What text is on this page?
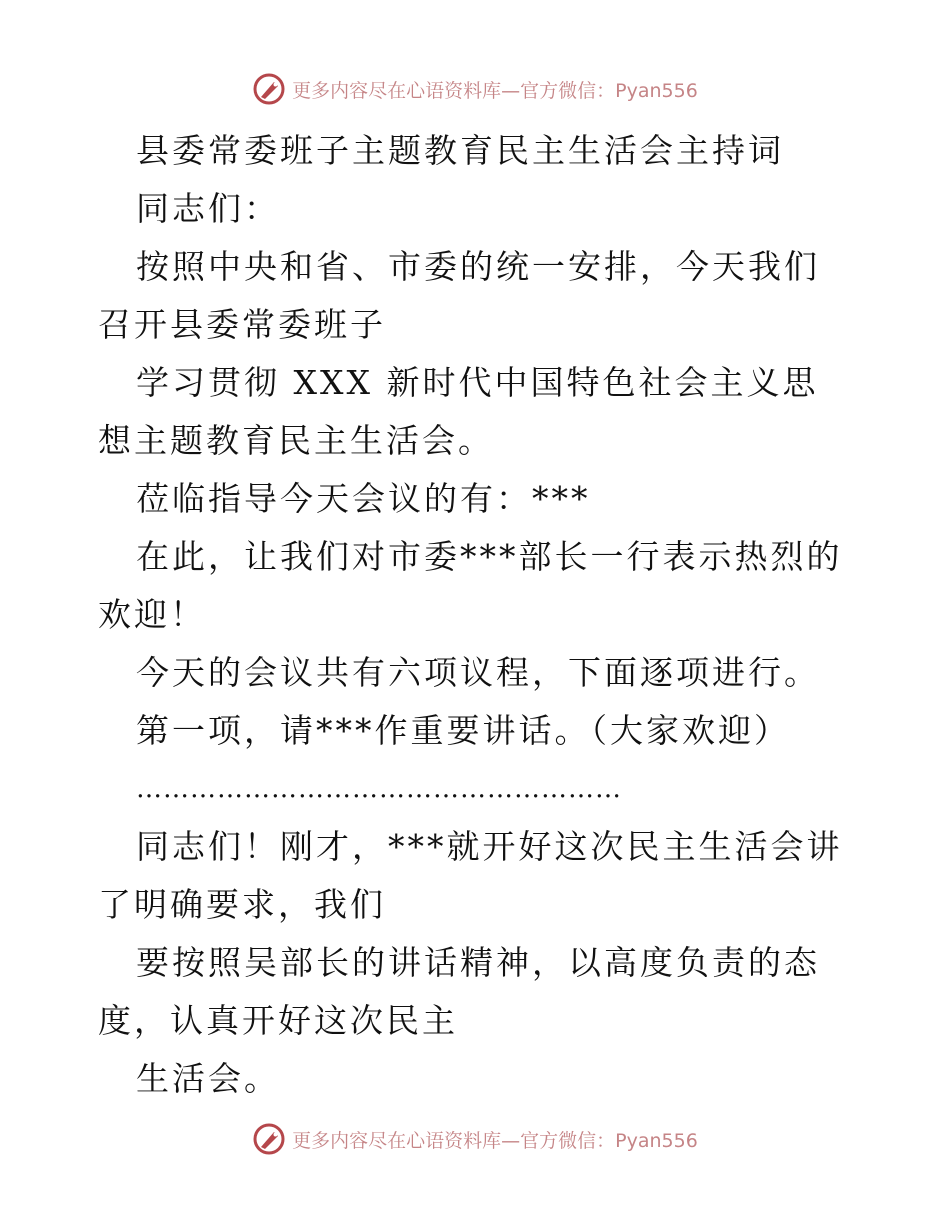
更多内容尽在心语资料库—官方微信：Pyan556

县委常委班子主题教育民主生活会主持词

同志们：

按照中央和省、市委的统一安排，今天我们召开县委常委班子

学习贯彻 XXX 新时代中国特色社会主义思想主题教育民主生活会。

莅临指导今天会议的有：***

在此，让我们对市委***部长一行表示热烈的欢迎！

今天的会议共有六项议程，下面逐项进行。

第一项，请***作重要讲话。（大家欢迎）

………………………………………………

同志们！刚才，***就开好这次民主生活会讲了明确要求，我们

要按照吴部长的讲话精神，以高度负责的态度，认真开好这次民主

生活会。

更多内容尽在心语资料库—官方微信：Pyan556
